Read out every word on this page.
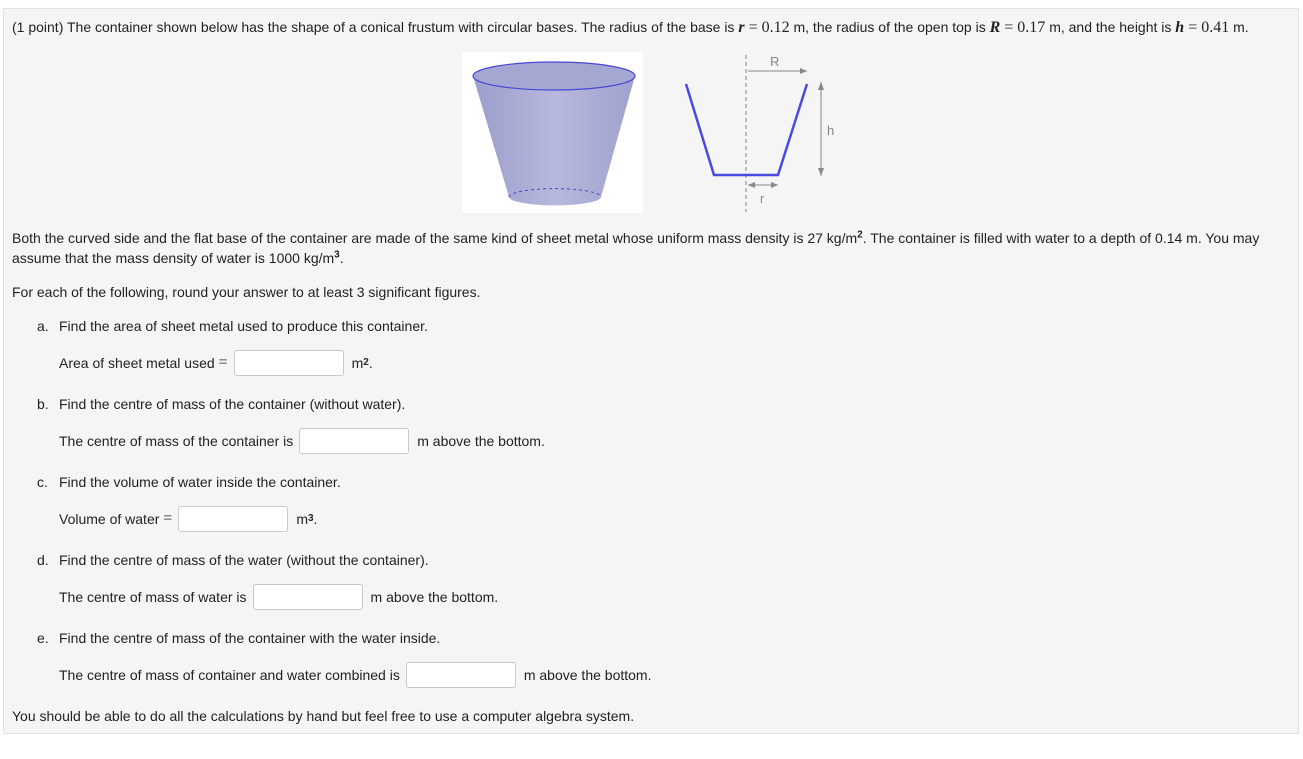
(1 point) The container shown below has the shape of a conical frustum with circular bases. The radius of the base is r = 0.12 m, the radius of the open top is R = 0.17 m, and the height is h = 0.41 m.
R
h
r
Both the curved side and the flat base of the container are made of the same kind of sheet metal whose uniform mass density is 27 $kg/m^2$. The container is filled with water to a depth of 0.14 m. You may
assume that the mass density of water is 1000 $kg/m^3$.
For each of the following, round your answer to at least 3 significant figures.
a. Find the area of sheet metal used to produce this container.
Area of sheet metal used
=	m 2 .
b. Find the centre of mass of the container (without water).
The centre of mass of the container is	m above the bottom.
c. Find the volume of water inside the container.
Volume of water
=	m 3 .
d. Find the centre of mass of the water (without the container).
The centre of mass of water is	m above the bottom.
e. Find the centre of mass of the container with the water inside.
The centre of mass of container and water combined is	m above the bottom.
You should be able to do all the calculations by hand but feel free to use a computer algebra system.
